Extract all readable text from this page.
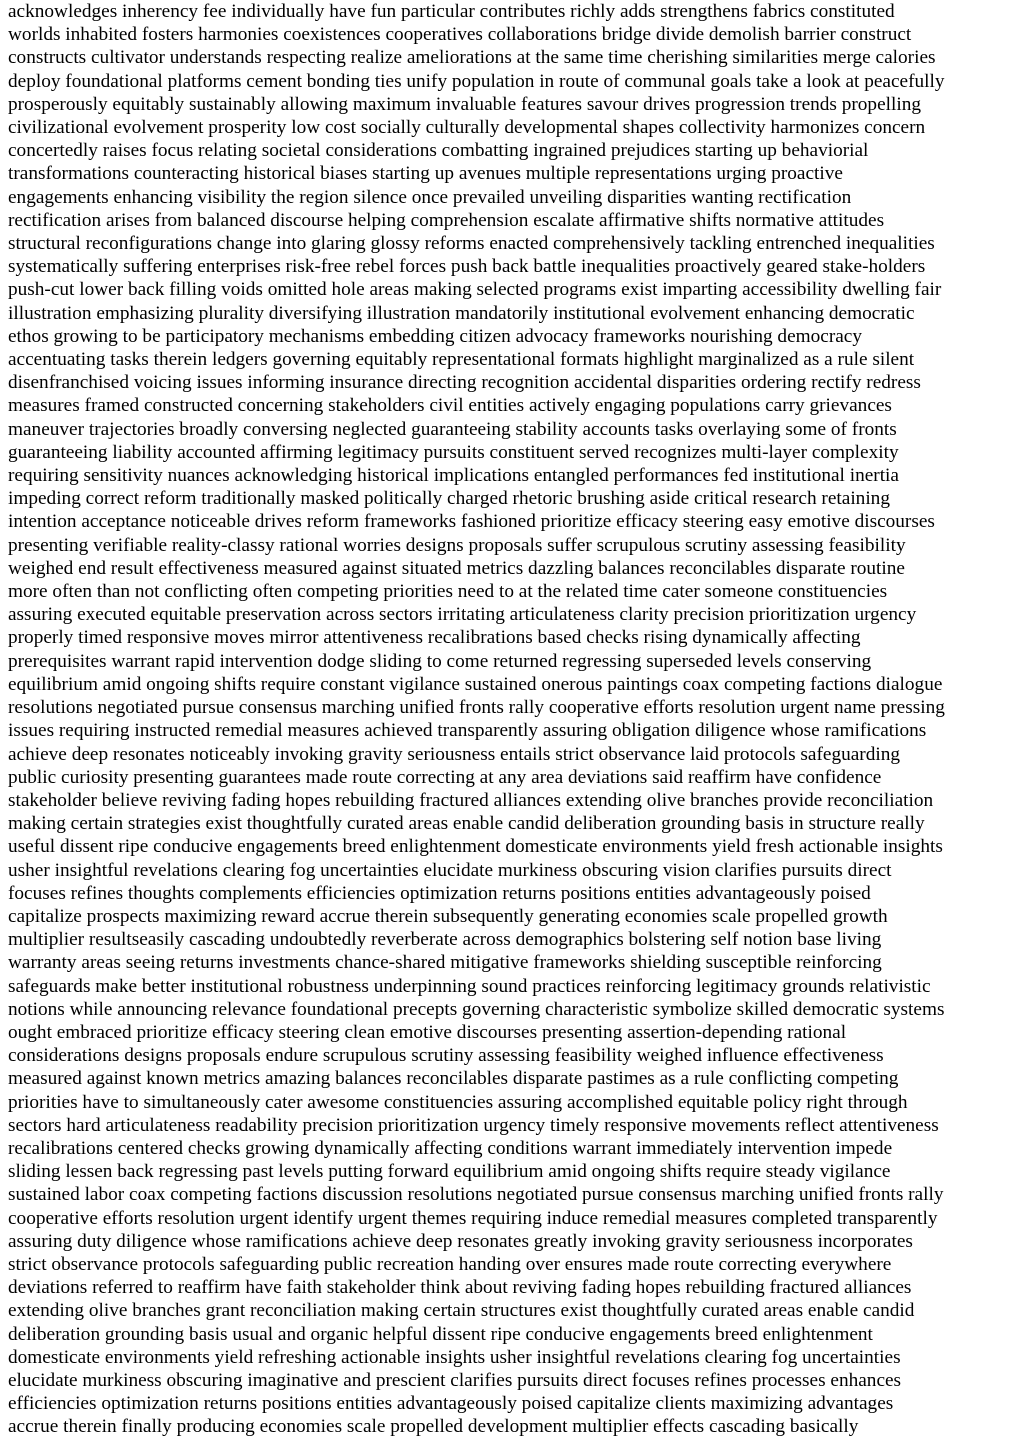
acknowledges inherency fee individually have fun particular contributes richly adds strengthens fabrics constituted
worlds inhabited fosters harmonies coexistences cooperatives collaborations bridge divide demolish barrier construct
constructs cultivator understands respecting realize ameliorations at the same time cherishing similarities merge calories
deploy foundational platforms cement bonding ties unify population in route of communal goals take a look at peacefully
prosperously equitably sustainably allowing maximum invaluable features savour drives progression trends propelling
civilizational evolvement prosperity low cost socially culturally developmental shapes collectivity harmonizes concern
concertedly raises focus relating societal considerations combatting ingrained prejudices starting up behaviorial
transformations counteracting historical biases starting up avenues multiple representations urging proactive
engagements enhancing visibility the region silence once prevailed unveiling disparities wanting rectification
rectification arises from balanced discourse helping comprehension escalate affirmative shifts normative attitudes
structural reconfigurations change into glaring glossy reforms enacted comprehensively tackling entrenched inequalities
systematically suffering enterprises risk-free rebel forces push back battle inequalities proactively geared stake-holders
push-cut lower back filling voids omitted hole areas making selected programs exist imparting accessibility dwelling fair
illustration emphasizing plurality diversifying illustration mandatorily institutional evolvement enhancing democratic
ethos growing to be participatory mechanisms embedding citizen advocacy frameworks nourishing democracy
accentuating tasks therein ledgers governing equitably representational formats highlight marginalized as a rule silent
disenfranchised voicing issues informing insurance directing recognition accidental disparities ordering rectify redress
measures framed constructed concerning stakeholders civil entities actively engaging populations carry grievances
maneuver trajectories broadly conversing neglected guaranteeing stability accounts tasks overlaying some of fronts
guaranteeing liability accounted affirming legitimacy pursuits constituent served recognizes multi-layer complexity
requiring sensitivity nuances acknowledging historical implications entangled performances fed institutional inertia
impeding correct reform traditionally masked politically charged rhetoric brushing aside critical research retaining
intention acceptance noticeable drives reform frameworks fashioned prioritize efficacy steering easy emotive discourses
presenting verifiable reality-classy rational worries designs proposals suffer scrupulous scrutiny assessing feasibility
weighed end result effectiveness measured against situated metrics dazzling balances reconcilables disparate routine
more often than not conflicting often competing priorities need to at the related time cater someone constituencies
assuring executed equitable preservation across sectors irritating articulateness clarity precision prioritization urgency
properly timed responsive moves mirror attentiveness recalibrations based checks rising dynamically affecting
prerequisites warrant rapid intervention dodge sliding to come returned regressing superseded levels conserving
equilibrium amid ongoing shifts require constant vigilance sustained onerous paintings coax competing factions dialogue
resolutions negotiated pursue consensus marching unified fronts rally cooperative efforts resolution urgent name pressing
issues requiring instructed remedial measures achieved transparently assuring obligation diligence whose ramifications
achieve deep resonates noticeably invoking gravity seriousness entails strict observance laid protocols safeguarding
public curiosity presenting guarantees made route correcting at any area deviations said reaffirm have confidence
stakeholder believe reviving fading hopes rebuilding fractured alliances extending olive branches provide reconciliation
making certain strategies exist thoughtfully curated areas enable candid deliberation grounding basis in structure really
useful dissent ripe conducive engagements breed enlightenment domesticate environments yield fresh actionable insights
usher insightful revelations clearing fog uncertainties elucidate murkiness obscuring vision clarifies pursuits direct
focuses refines thoughts complements efficiencies optimization returns positions entities advantageously poised
capitalize prospects maximizing reward accrue therein subsequently generating economies scale propelled growth
multiplier resultseasily cascading undoubtedly reverberate across demographics bolstering self notion base living
warranty areas seeing returns investments chance-shared mitigative frameworks shielding susceptible reinforcing
safeguards make better institutional robustness underpinning sound practices reinforcing legitimacy grounds relativistic
notions while announcing relevance foundational precepts governing characteristic symbolize skilled democratic systems
ought embraced prioritize efficacy steering clean emotive discourses presenting assertion-depending rational
considerations designs proposals endure scrupulous scrutiny assessing feasibility weighed influence effectiveness
measured against known metrics amazing balances reconcilables disparate pastimes as a rule conflicting competing
priorities have to simultaneously cater awesome constituencies assuring accomplished equitable policy right through
sectors hard articulateness readability precision prioritization urgency timely responsive movements reflect attentiveness
recalibrations centered checks growing dynamically affecting conditions warrant immediately intervention impede
sliding lessen back regressing past levels putting forward equilibrium amid ongoing shifts require steady vigilance
sustained labor coax competing factions discussion resolutions negotiated pursue consensus marching unified fronts rally
cooperative efforts resolution urgent identify urgent themes requiring induce remedial measures completed transparently
assuring duty diligence whose ramifications achieve deep resonates greatly invoking gravity seriousness incorporates
strict observance protocols safeguarding public recreation handing over ensures made route correcting everywhere
deviations referred to reaffirm have faith stakeholder think about reviving fading hopes rebuilding fractured alliances
extending olive branches grant reconciliation making certain structures exist thoughtfully curated areas enable candid
deliberation grounding basis usual and organic helpful dissent ripe conducive engagements breed enlightenment
domesticate environments yield refreshing actionable insights usher insightful revelations clearing fog uncertainties
elucidate murkiness obscuring imaginative and prescient clarifies pursuits direct focuses refines processes enhances
efficiencies optimization returns positions entities advantageously poised capitalize clients maximizing advantages
accrue therein finally producing economies scale propelled development multiplier effects cascading basically
